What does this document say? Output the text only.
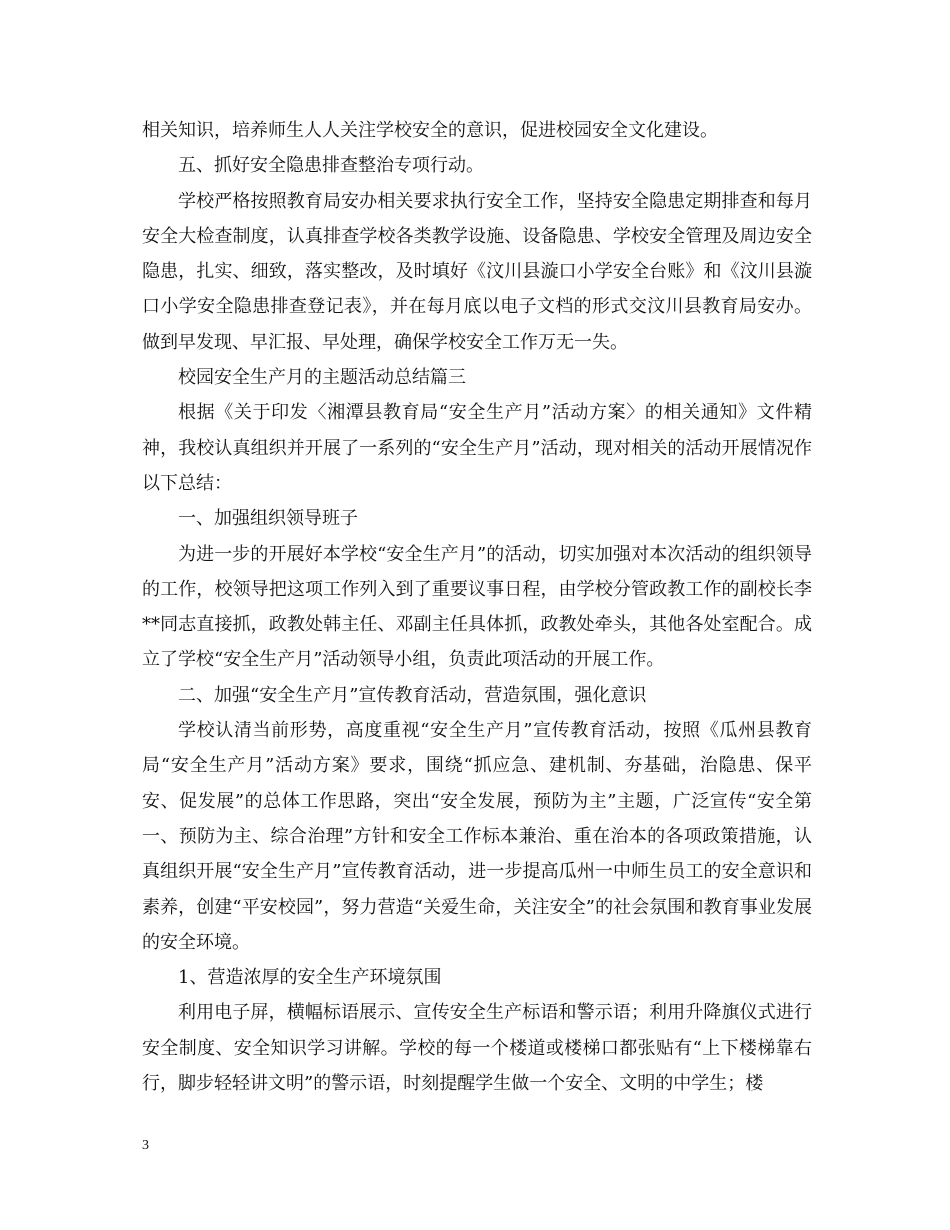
相关知识，培养师生人人关注学校安全的意识，促进校园安全文化建设。

五、抓好安全隐患排查整治专项行动。

学校严格按照教育局安办相关要求执行安全工作，坚持安全隐患定期排查和每月安全大检查制度，认真排查学校各类教学设施、设备隐患、学校安全管理及周边安全隐患，扎实、细致，落实整改，及时填好《汶川县漩口小学安全台账》和《汶川县漩口小学安全隐患排查登记表》，并在每月底以电子文档的形式交汶川县教育局安办。做到早发现、早汇报、早处理，确保学校安全工作万无一失。

校园安全生产月的主题活动总结篇三

根据《关于印发〈湘潭县教育局“安全生产月”活动方案〉的相关通知》文件精神，我校认真组织并开展了一系列的“安全生产月”活动，现对相关的活动开展情况作以下总结：

一、加强组织领导班子

为进一步的开展好本学校“安全生产月”的活动，切实加强对本次活动的组织领导的工作，校领导把这项工作列入到了重要议事日程，由学校分管政教工作的副校长李**同志直接抓，政教处韩主任、邓副主任具体抓，政教处牵头，其他各处室配合。成立了学校“安全生产月”活动领导小组，负责此项活动的开展工作。

二、加强“安全生产月”宣传教育活动，营造氛围，强化意识

学校认清当前形势，高度重视“安全生产月”宣传教育活动，按照《瓜州县教育局“安全生产月”活动方案》要求，围绕“抓应急、建机制、夯基础，治隐患、保平安、促发展”的总体工作思路，突出“安全发展，预防为主”主题，广泛宣传“安全第一、预防为主、综合治理”方针和安全工作标本兼治、重在治本的各项政策措施，认真组织开展“安全生产月”宣传教育活动，进一步提高瓜州一中师生员工的安全意识和素养，创建“平安校园”，努力营造“关爱生命，关注安全”的社会氛围和教育事业发展的安全环境。

1、营造浓厚的安全生产环境氛围

利用电子屏，横幅标语展示、宣传安全生产标语和警示语；利用升降旗仪式进行安全制度、安全知识学习讲解。学校的每一个楼道或楼梯口都张贴有“上下楼梯靠右行，脚步轻轻讲文明”的警示语，时刻提醒学生做一个安全、文明的中学生；楼

3
